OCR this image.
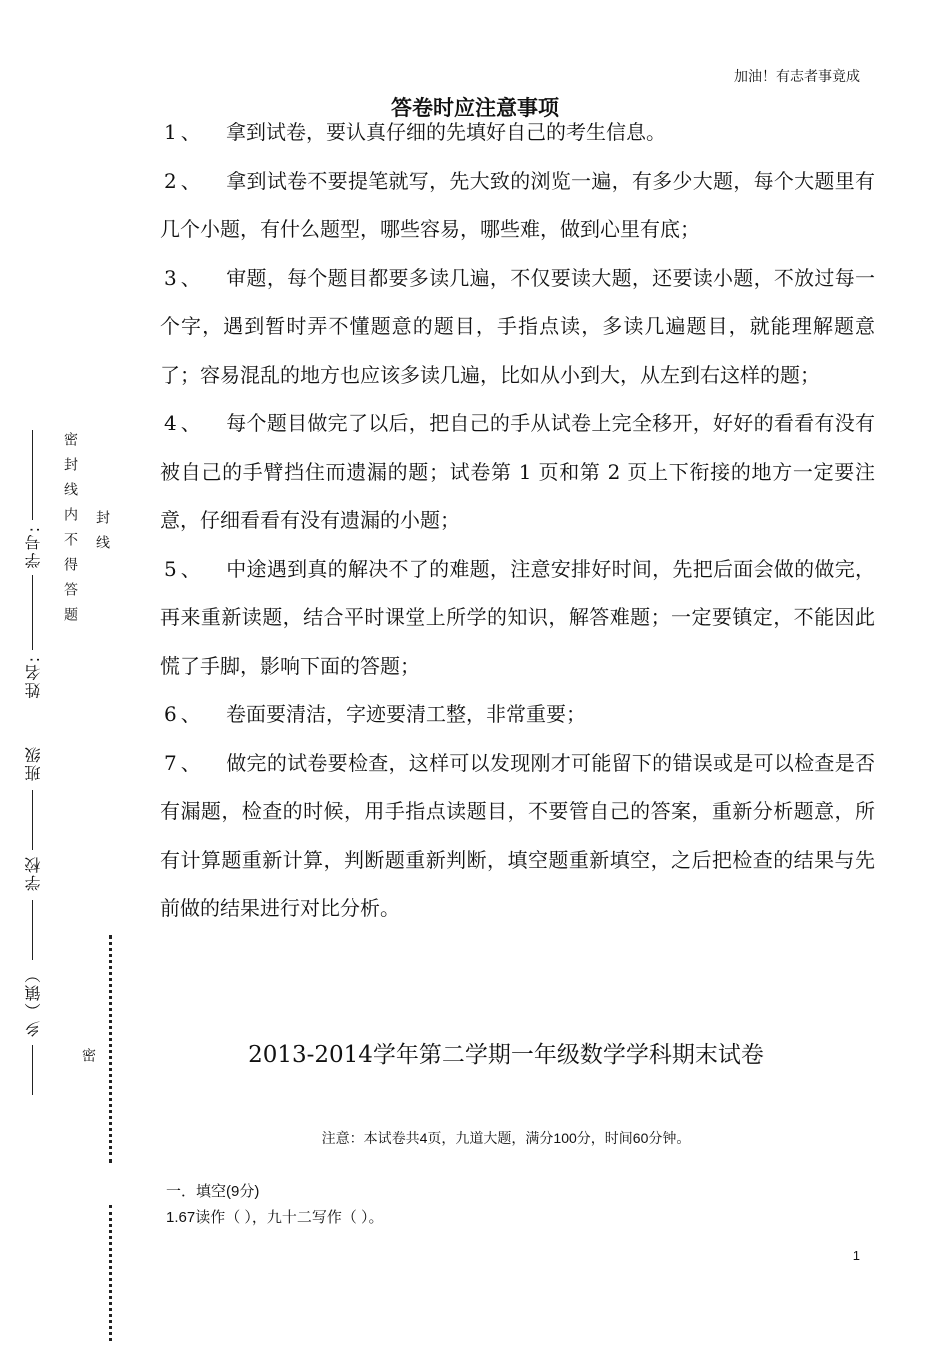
加油！有志者事竟成
答卷时应注意事项
1、 拿到试卷，要认真仔细的先填好自己的考生信息。
2、 拿到试卷不要提笔就写，先大致的浏览一遍，有多少大题，每个大题里有几个小题，有什么题型，哪些容易，哪些难，做到心里有底；
3、 审题，每个题目都要多读几遍，不仅要读大题，还要读小题，不放过每一个字，遇到暂时弄不懂题意的题目，手指点读，多读几遍题目，就能理解题意了；容易混乱的地方也应该多读几遍，比如从小到大，从左到右这样的题；
4、 每个题目做完了以后，把自己的手从试卷上完全移开，好好的看看有没有被自己的手臂挡住而遗漏的题；试卷第 1 页和第 2 页上下衔接的地方一定要注意，仔细看看有没有遗漏的小题；
5、 中途遇到真的解决不了的难题，注意安排好时间，先把后面会做的做完，再来重新读题，结合平时课堂上所学的知识，解答难题；一定要镇定，不能因此慌了手脚，影响下面的答题；
6、 卷面要清洁，字迹要清工整，非常重要；
7、 做完的试卷要检查，这样可以发现刚才可能留下的错误或是可以检查是否有漏题，检查的时候，用手指点读题目，不要管自己的答案，重新分析题意，所有计算题重新计算，判断题重新判断，填空题重新填空，之后把检查的结果与先前做的结果进行对比分析。
2013-2014学年第二学期一年级数学学科期末试卷
注意：本试卷共4页，九道大题，满分100分，时间60分钟。
一．填空(9分)
1.67读作（ ），九十二写作（ ）。
1
学号:
姓名:
班级
学校
乡（镇）
密封线内不得答题 封线
密
